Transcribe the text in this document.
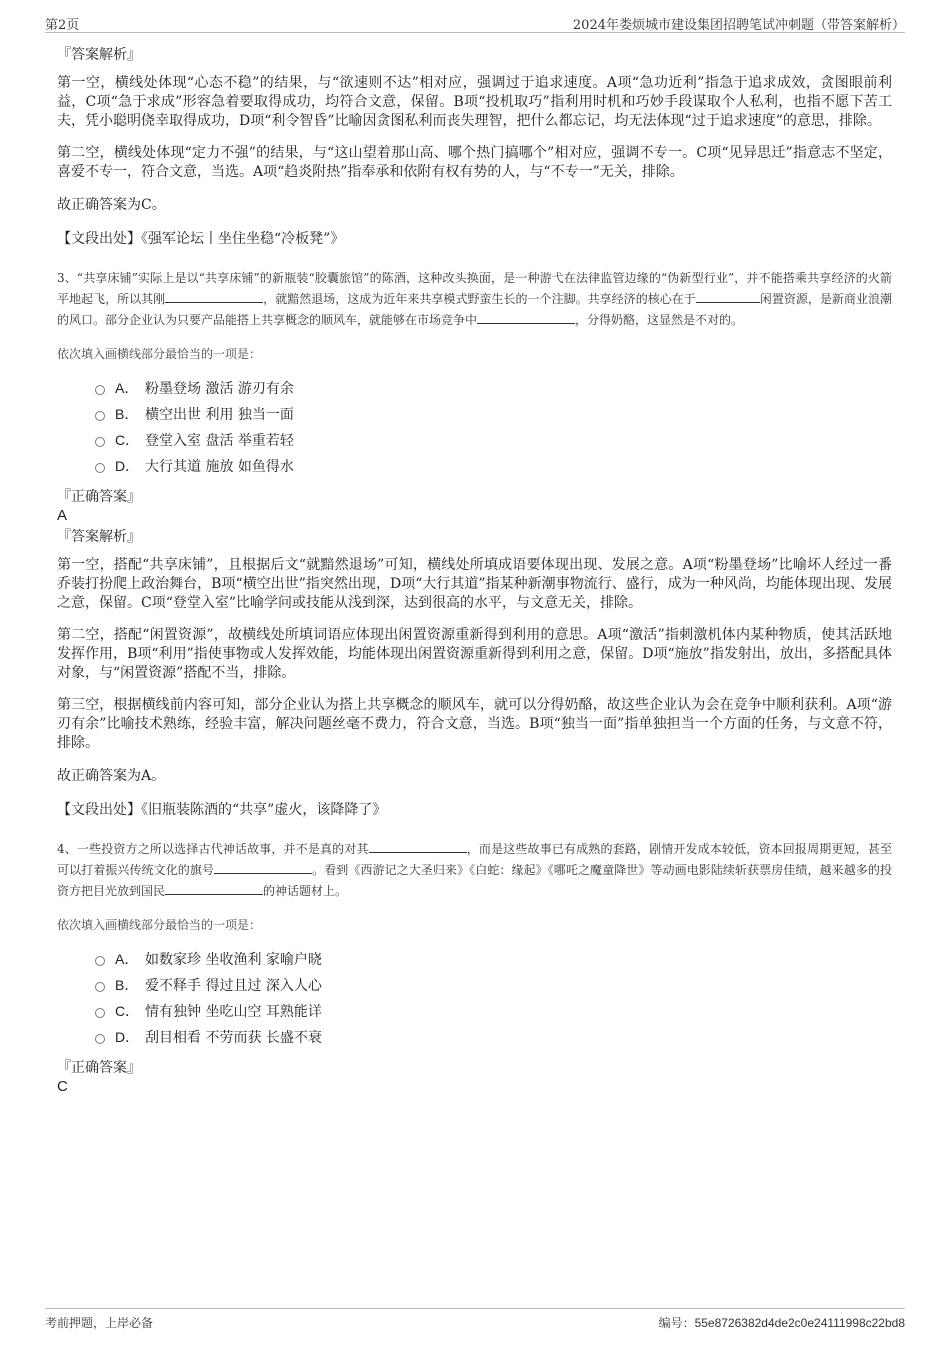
第2页	2024年娄烦城市建设集团招聘笔试冲刺题（带答案解析）

『答案解析』

第一空，横线处体现“心态不稳”的结果，与“欲速则不达”相对应，强调过于追求速度。A项“急功近利”指急于追求成效，贪图眼前利益，C项“急于求成”形容急着要取得成功，均符合文意，保留。B项“投机取巧”指利用时机和巧妙手段谋取个人私利，也指不愿下苦工夫，凭小聪明侥幸取得成功，D项“利令智昏”比喻因贪图私利而丧失理智，把什么都忘记，均无法体现“过于追求速度”的意思，排除。

第二空，横线处体现“定力不强”的结果，与“这山望着那山高、哪个热门搞哪个”相对应，强调不专一。C项“见异思迁”指意志不坚定，喜爱不专一，符合文意，当选。A项“趋炎附热”指奉承和依附有权有势的人，与“不专一”无关，排除。

故正确答案为C。

【文段出处】《强军论坛丨坐住坐稳“冷板凳”》

3、“共享床铺”实际上是以“共享床铺”的新瓶装“胶囊旅馆”的陈酒，这种改头换面，是一种游弋在法律监管边缘的“伪新型行业”，并不能搭乘共享经济的火箭平地起飞，所以其刚	，就黯然退场，这成为近年来共享模式野蛮生长的一个注脚。共享经济的核心在于	闲置资源，是新商业浪潮的风口。部分企业认为只要产品能搭上共享概念的顺风车，就能够在市场竞争中	，分得奶酪，这显然是不对的。

依次填入画横线部分最恰当的一项是：

A． 粉墨登场 激活 游刃有余
B． 横空出世 利用 独当一面
C． 登堂入室 盘活 举重若轻
D． 大行其道 施放 如鱼得水

『正确答案』

A

『答案解析』

第一空，搭配“共享床铺”，且根据后文“就黯然退场”可知，横线处所填成语要体现出现、发展之意。A项“粉墨登场”比喻坏人经过一番乔装打扮爬上政治舞台，B项“横空出世”指突然出现，D项“大行其道”指某种新潮事物流行、盛行，成为一种风尚，均能体现出现、发展之意，保留。C项“登堂入室”比喻学问或技能从浅到深，达到很高的水平，与文意无关，排除。

第二空，搭配“闲置资源”，故横线处所填词语应体现出闲置资源重新得到利用的意思。A项“激活”指刺激机体内某种物质，使其活跃地发挥作用，B项“利用”指使事物或人发挥效能，均能体现出闲置资源重新得到利用之意，保留。D项“施放”指发射出，放出，多搭配具体对象，与“闲置资源”搭配不当，排除。

第三空，根据横线前内容可知，部分企业认为搭上共享概念的顺风车，就可以分得奶酪，故这些企业认为会在竞争中顺利获利。A项“游刃有余”比喻技术熟练，经验丰富，解决问题丝毫不费力，符合文意，当选。B项“独当一面”指单独担当一个方面的任务，与文意不符，排除。

故正确答案为A。

【文段出处】《旧瓶装陈酒的“共享”虚火，该降降了》

4、一些投资方之所以选择古代神话故事，并不是真的对其	，而是这些故事已有成熟的套路，剧情开发成本较低，资本回报周期更短，甚至可以打着振兴传统文化的旗号	。看到《西游记之大圣归来》《白蛇：缘起》《哪吒之魔童降世》等动画电影陆续斩获票房佳绩，越来越多的投资方把目光放到国民	的神话题材上。

依次填入画横线部分最恰当的一项是：

A． 如数家珍 坐收渔利 家喻户晓
B． 爱不释手 得过且过 深入人心
C． 情有独钟 坐吃山空 耳熟能详
D． 刮目相看 不劳而获 长盛不衰

『正确答案』

C

考前押题，上岸必备	编号：55e8726382d4de2c0e24111998c22bd8
